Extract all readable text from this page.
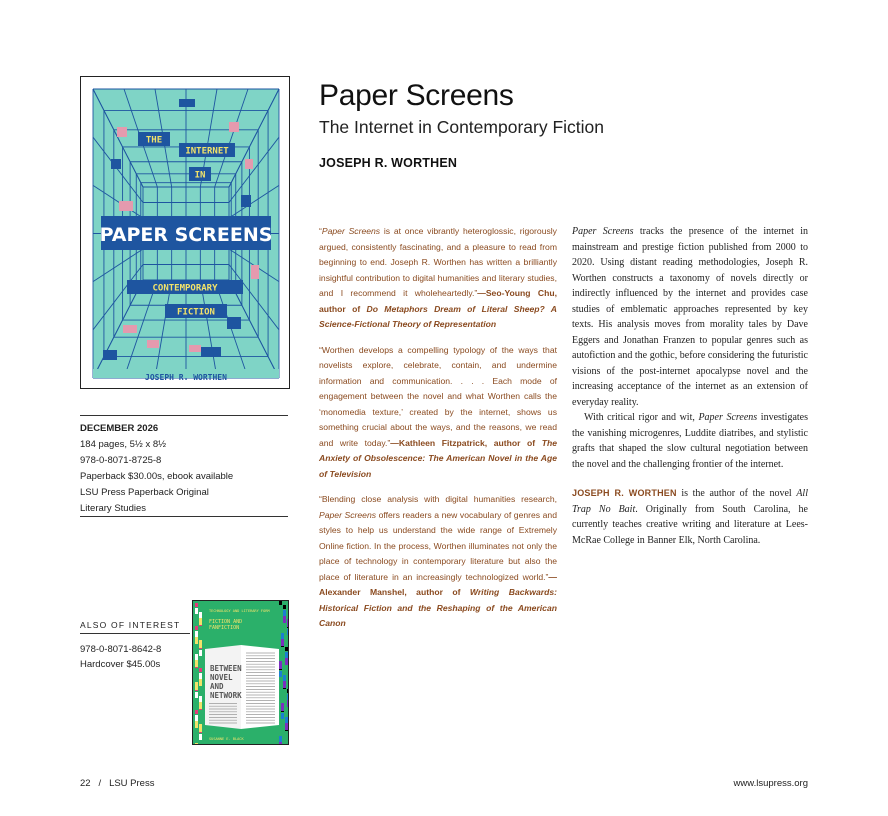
THE
INTERNET
IN
PAPER SCREENS
CONTEMPORARY
FICTION
JOSEPH R. WORTHEN
DECEMBER 2026
184 pages, 5½ x 8½
978-0-8071-8725-8
Paperback $30.00s, ebook available
LSU Press Paperback Original
Literary Studies
ALSO OF INTEREST
978-0-8071-8642-8
Hardcover $45.00s
TECHNOLOGY AND LITERARY FORM
FICTION AND
FANFICTION
BETWEEN
NOVEL
AND
NETWORK
SUSANNE E. BLACK
Paper Screens
The Internet in Contemporary Fiction
JOSEPH R. WORTHEN

“Paper Screens is at once vibrantly heteroglossic, rigorously argued, consistently fascinating, and a pleasure to read from beginning to end. Joseph R. Worthen has written a brilliantly insightful contribution to digital humanities and literary studies, and I recommend it wholeheartedly.”—Seo-Young Chu, author of Do Metaphors Dream of Literal Sheep? A Science-Fictional Theory of Representation

“Worthen develops a compelling typology of the ways that novelists explore, celebrate, contain, and undermine information and communication. . . . Each mode of engagement between the novel and what Worthen calls the ‘monomedia texture,’ created by the internet, shows us something crucial about the ways, and the reasons, we read and write today.”—Kathleen Fitzpatrick, author of The Anxiety of Obsolescence: The American Novel in the Age of Television

“Blending close analysis with digital humanities research, Paper Screens offers readers a new vocabulary of genres and styles to help us understand the wide range of Extremely Online fiction. In the process, Worthen illuminates not only the place of technology in contemporary literature but also the place of literature in an increasingly technologized world.”—Alexander Manshel, author of Writing Backwards: Historical Fiction and the Reshaping of the American Canon

Paper Screens tracks the presence of the internet in mainstream and prestige fiction published from 2000 to 2020. Using distant reading methodologies, Joseph R. Worthen constructs a taxonomy of novels directly or indirectly influenced by the internet and provides case studies of emblematic approaches represented by key texts. His analysis moves from morality tales by Dave Eggers and Jonathan Franzen to popular genres such as autofiction and the gothic, before considering the futuristic visions of the post-internet apocalypse novel and the increasing acceptance of the internet as an extension of everyday reality.

With critical rigor and wit, Paper Screens investigates the vanishing microgenres, Luddite diatribes, and stylistic grafts that shaped the slow cultural negotiation between the novel and the challenging frontier of the internet.

JOSEPH R. WORTHEN is the author of the novel All Trap No Bait. Originally from South Carolina, he currently teaches creative writing and literature at Lees-McRae College in Banner Elk, North Carolina.

22 / LSU Press	www.lsupress.org
